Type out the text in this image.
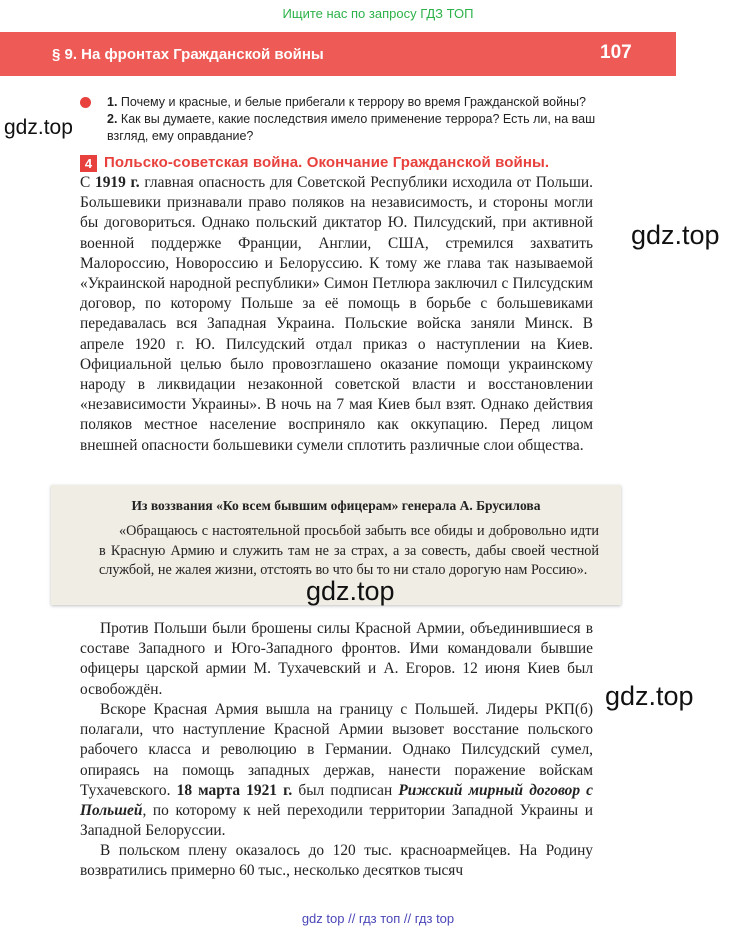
Ищите нас по запросу ГДЗ ТОП
§ 9. На фронтах Гражданской войны	107
1. Почему и красные, и белые прибегали к террору во время Гражданской войны? 2. Как вы думаете, какие последствия имело применение террора? Есть ли, на ваш взгляд, ему оправдание?
gdz.top
gdz.top
4 Польско-советская война. Окончание Гражданской войны.

С 1919 г. главная опасность для Советской Республики исходила от Польши. Большевики признавали право поляков на независимость, и стороны могли бы договориться. Однако польский диктатор Ю. Пилсудский, при активной военной поддержке Франции, Англии, США, стремился захватить Малороссию, Новороссию и Белоруссию. К тому же глава так называемой «Украинской народной республики» Симон Петлюра заключил с Пилсудским договор, по которому Польше за её помощь в борьбе с большевиками передавалась вся Западная Украина. Польские войска заняли Минск. В апреле 1920 г. Ю. Пилсудский отдал приказ о наступлении на Киев. Официальной целью было провозглашено оказание помощи украинскому народу в ликвидации незаконной советской власти и восстановлении «независимости Украины». В ночь на 7 мая Киев был взят. Однако действия поляков местное население восприняло как оккупацию. Перед лицом внешней опасности большевики сумели сплотить различные слои общества.

Из воззвания «Ко всем бывшим офицерам» генерала А. Брусилова
«Обращаюсь с настоятельной просьбой забыть все обиды и добровольно идти в Красную Армию и служить там не за страх, а за совесть, дабы своей честной службой, не жалея жизни, отстоять во что бы то ни стало дорогую нам Россию».
gdz.top

Против Польши были брошены силы Красной Армии, объединившиеся в составе Западного и Юго-Западного фронтов. Ими командовали бывшие офицеры царской армии М. Тухачевский и А. Егоров. 12 июня Киев был освобождён.	gdz.top

Вскоре Красная Армия вышла на границу с Польшей. Лидеры РКП(б) полагали, что наступление Красной Армии вызовет восстание польского рабочего класса и революцию в Германии. Однако Пилсудский сумел, опираясь на помощь западных держав, нанести поражение войскам Тухачевского. 18 марта 1921 г. был подписан Рижский мирный договор с Польшей, по которому к ней переходили территории Западной Украины и Западной Белоруссии.

В польском плену оказалось до 120 тыс. красноармейцев. На Родину возвратились примерно 60 тыс., несколько десятков тысяч

gdz top // гдз топ // гдз top
